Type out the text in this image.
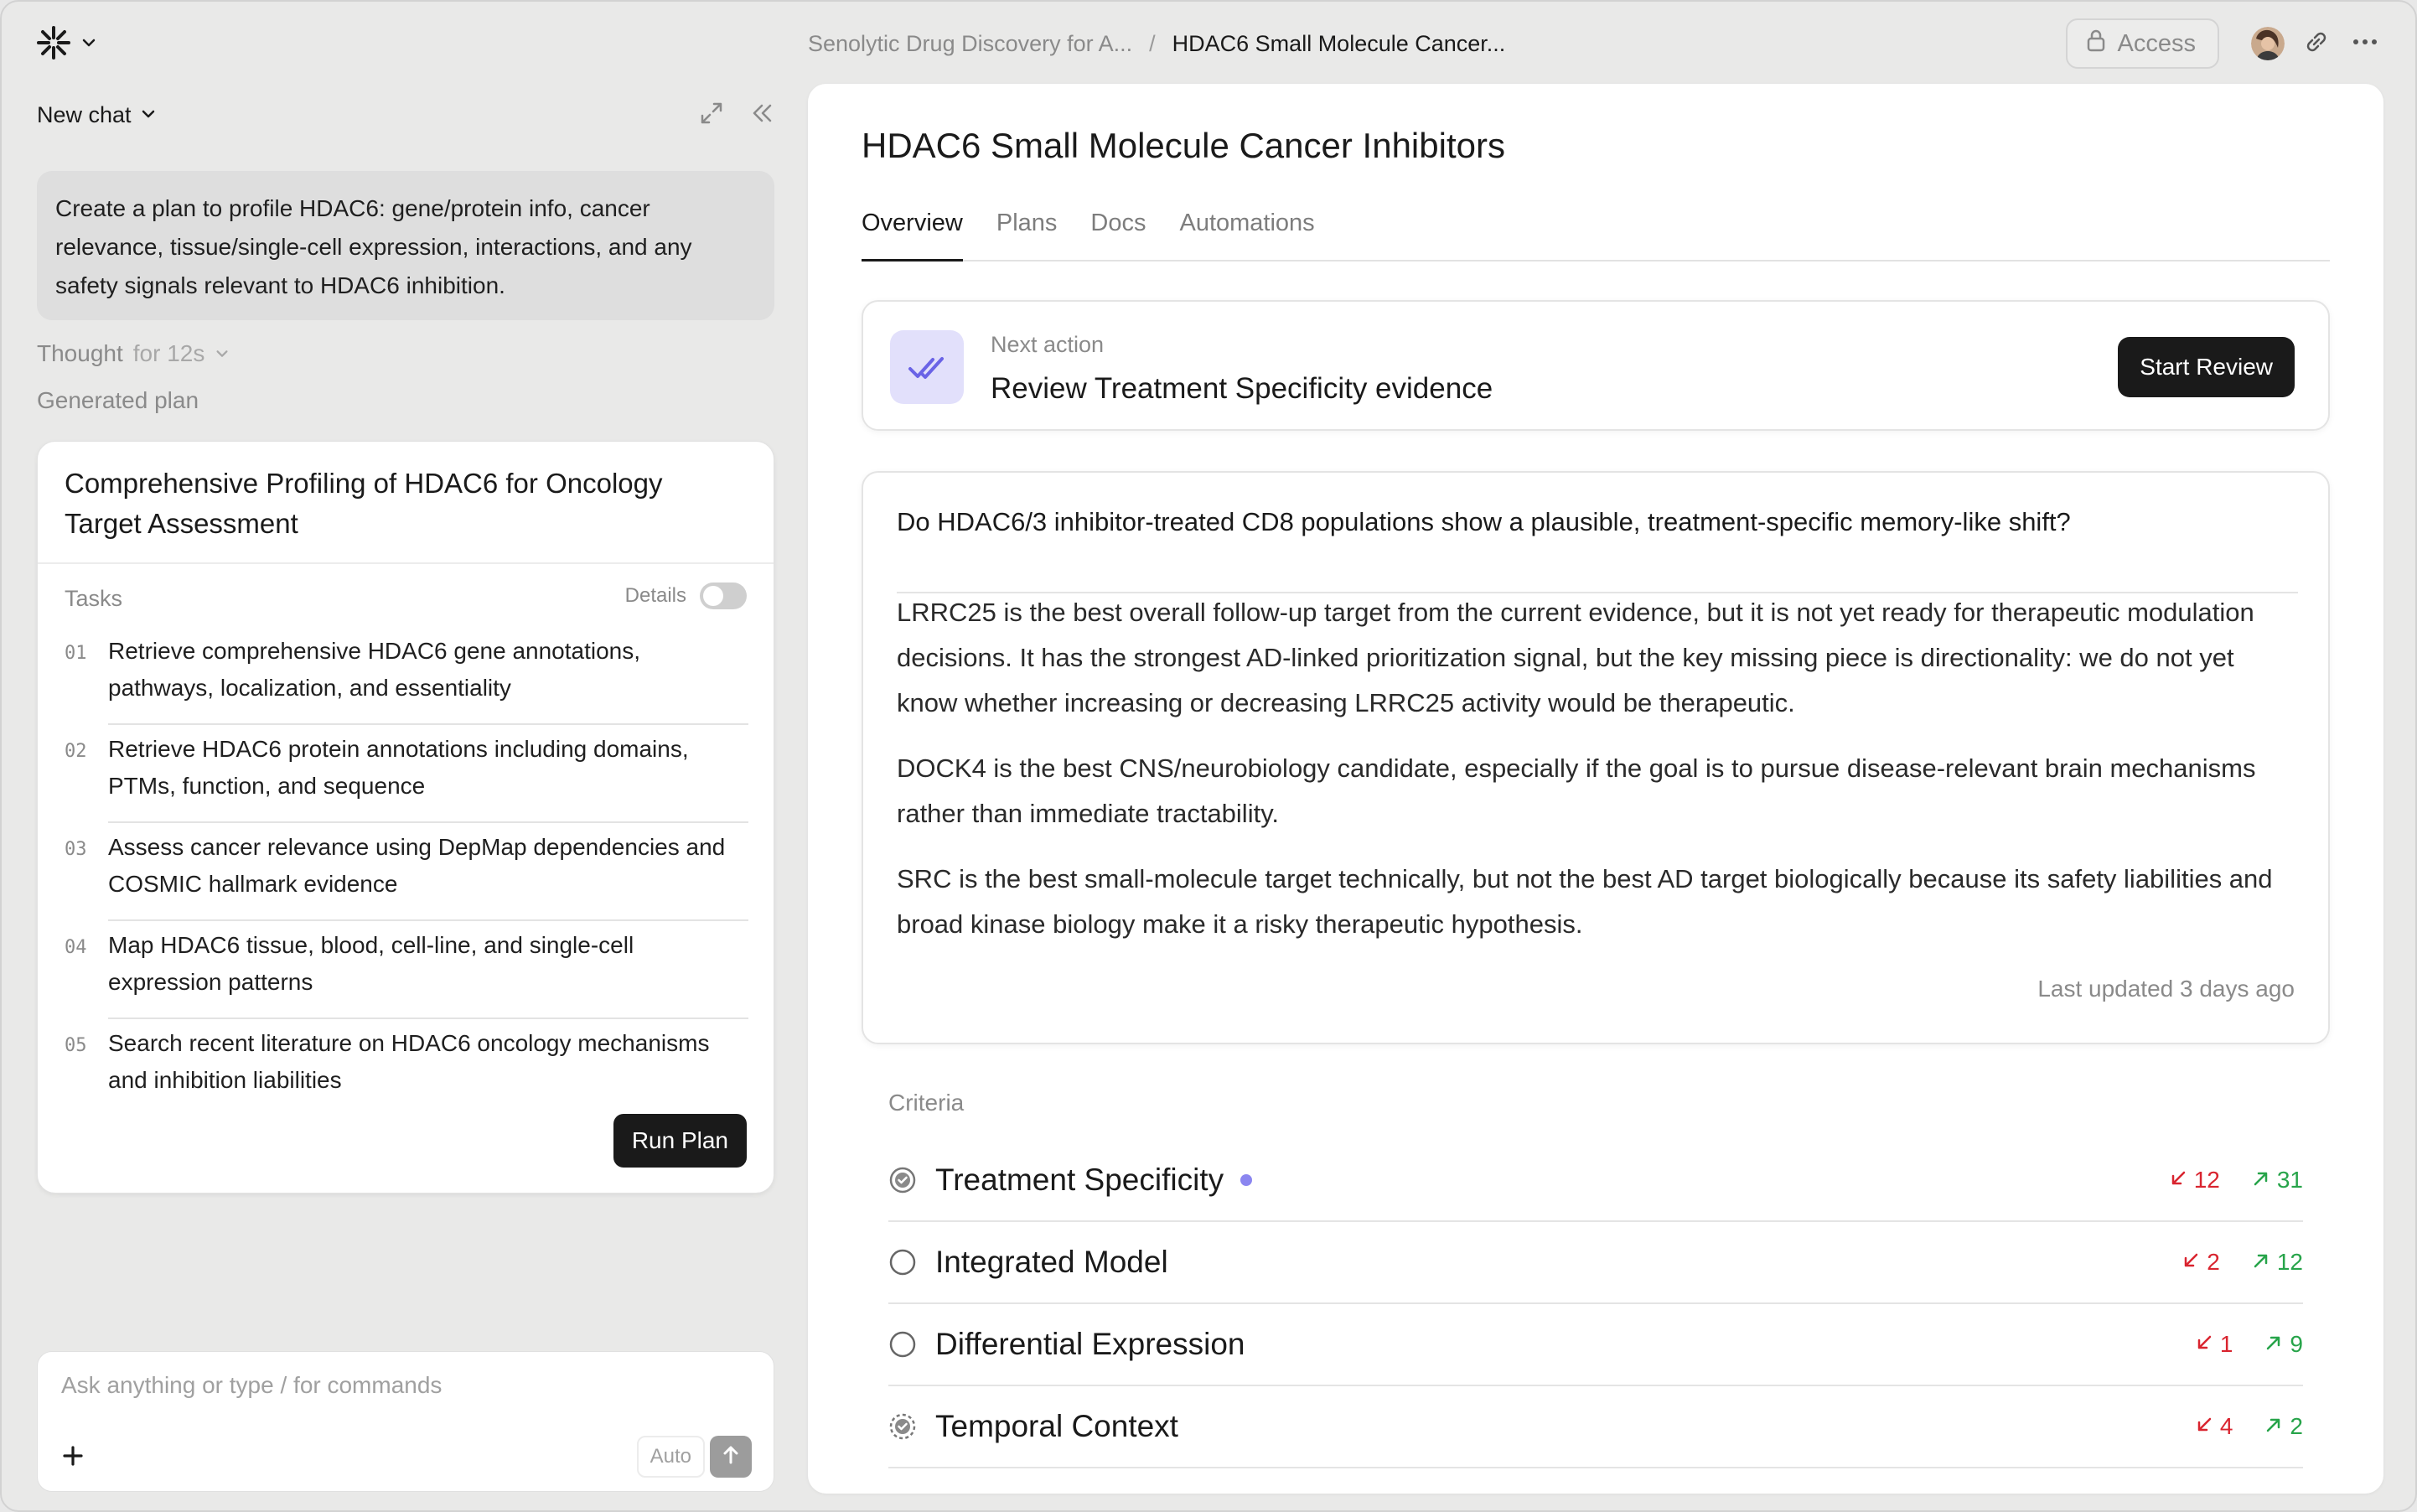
Senolytic Drug Discovery for A... / HDAC6 Small Molecule Cancer...	Access
New chat
Create a plan to profile HDAC6: gene/protein info, cancer relevance, tissue/single-cell expression, interactions, and any safety signals relevant to HDAC6 inhibition.
Thought for 12s
Generated plan
Comprehensive Profiling of HDAC6 for Oncology Target Assessment
Tasks	Details
01 Retrieve comprehensive HDAC6 gene annotations, pathways, localization, and essentiality
02 Retrieve HDAC6 protein annotations including domains, PTMs, function, and sequence
03 Assess cancer relevance using DepMap dependencies and COSMIC hallmark evidence
04 Map HDAC6 tissue, blood, cell-line, and single-cell expression patterns
05 Search recent literature on HDAC6 oncology mechanisms and inhibition liabilities
Run Plan
Ask anything or type / for commands
Auto
HDAC6 Small Molecule Cancer Inhibitors
Overview Plans Docs Automations
Next action
Review Treatment Specificity evidence
Start Review
Do HDAC6/3 inhibitor-treated CD8 populations show a plausible, treatment-specific memory-like shift?

LRRC25 is the best overall follow-up target from the current evidence, but it is not yet ready for therapeutic modulation decisions. It has the strongest AD-linked prioritization signal, but the key missing piece is directionality: we do not yet know whether increasing or decreasing LRRC25 activity would be therapeutic.

DOCK4 is the best CNS/neurobiology candidate, especially if the goal is to pursue disease-relevant brain mechanisms rather than immediate tractability.

SRC is the best small-molecule target technically, but not the best AD target biologically because its safety liabilities and broad kinase biology make it a risky therapeutic hypothesis.

Last updated 3 days ago
Criteria
Treatment Specificity	12 31
Integrated Model	2 12
Differential Expression	1 9
Temporal Context	4 2
